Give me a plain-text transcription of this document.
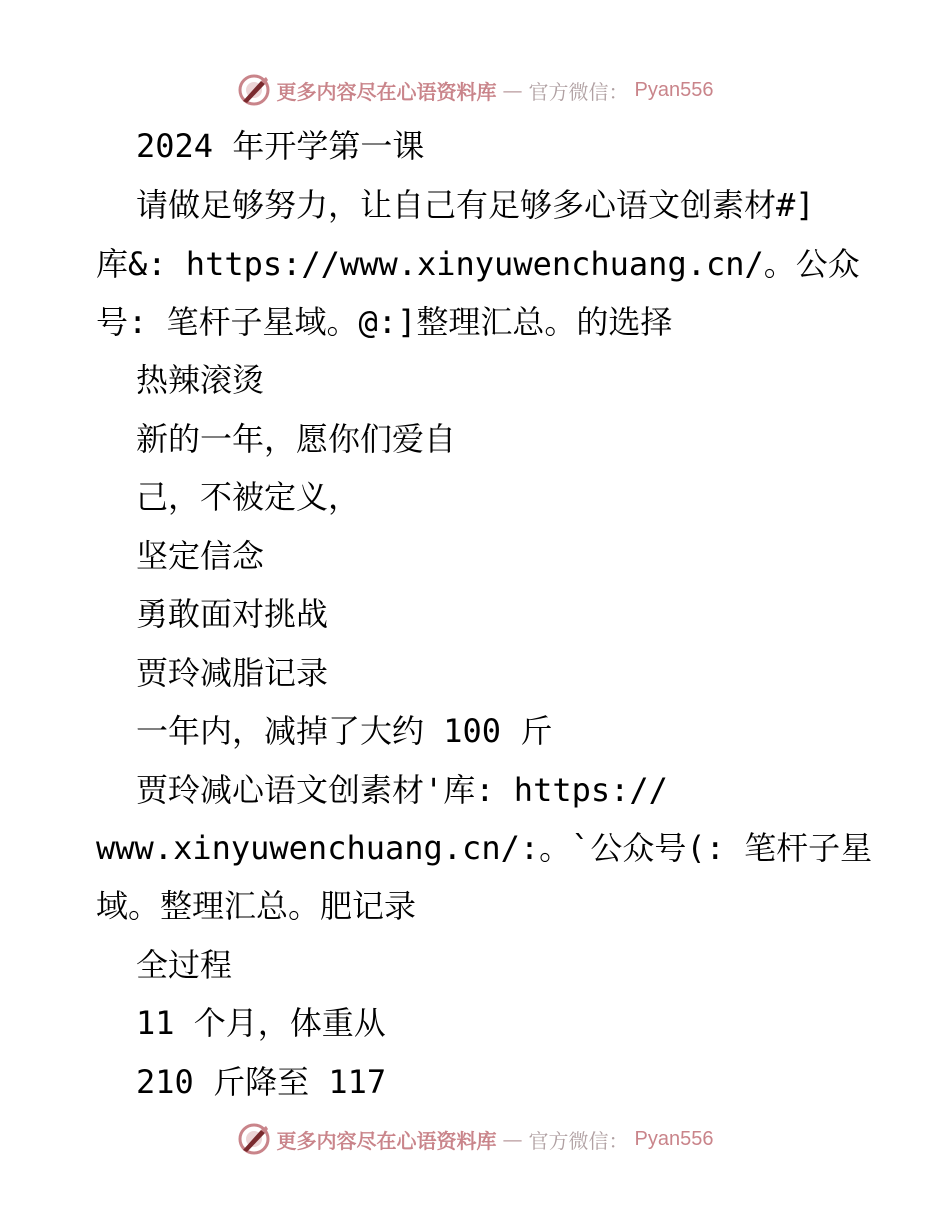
更多内容尽在心语资料库 — 官方微信： Pyan556
2024 年开学第一课
请做足够努力，让自己有足够多心语文创素材#]
库&: https://www.xinyuwenchuang.cn/。公众
号: 笔杆子星域。@:]整理汇总。的选择
热辣滚烫
新的一年，愿你们爱自
己，不被定义，
坚定信念
勇敢面对挑战
贾玲减脂记录
一年内，减掉了大约 100 斤
贾玲减心语文创素材'库: https://
www.xinyuwenchuang.cn/:。`公众号(: 笔杆子星
域。整理汇总。肥记录
全过程
11 个月，体重从
210 斤降至 117
更多内容尽在心语资料库 — 官方微信： Pyan556
